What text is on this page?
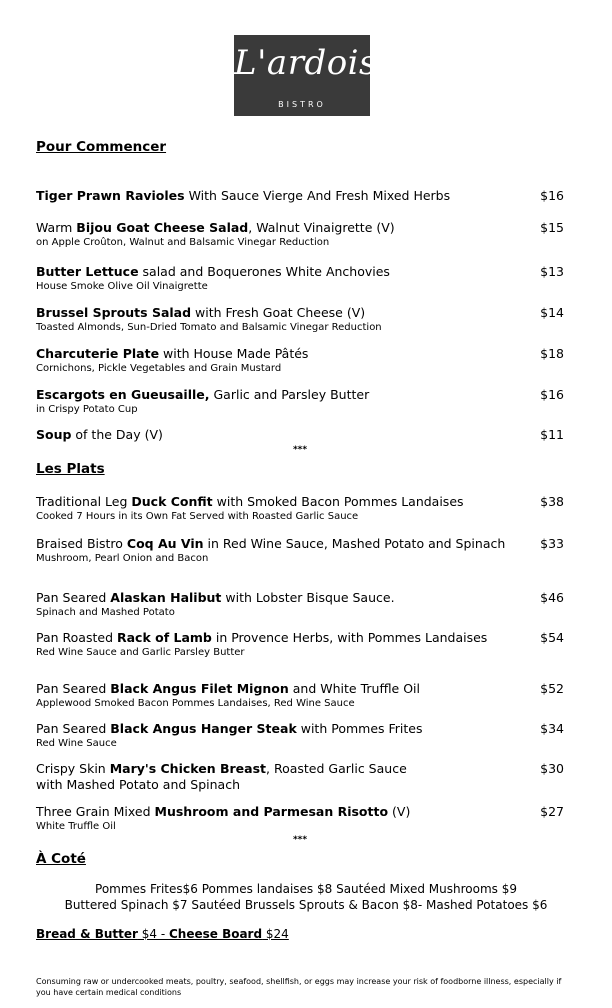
L'ardoise
BISTRO
Pour Commencer
Tiger Prawn Ravioles With Sauce Vierge And Fresh Mixed Herbs	$16
Warm Bijou Goat Cheese Salad, Walnut Vinaigrette (V)
on Apple Croûton, Walnut and Balsamic Vinegar Reduction
$15
Butter Lettuce salad and Boquerones White Anchovies
House Smoke Olive Oil Vinaigrette
$13
Brussel Sprouts Salad with Fresh Goat Cheese (V)
Toasted Almonds, Sun-Dried Tomato and Balsamic Vinegar Reduction
$14
Charcuterie Plate with House Made Pâtés
Cornichons, Pickle Vegetables and Grain Mustard
$18
Escargots en Gueusaille, Garlic and Parsley Butter
in Crispy Potato Cup
$16
Soup of the Day (V)	$11
***
Les Plats
Traditional Leg Duck Confit with Smoked Bacon Pommes Landaises
Cooked 7 Hours in its Own Fat Served with Roasted Garlic Sauce
$38
Braised Bistro Coq Au Vin in Red Wine Sauce, Mashed Potato and Spinach
Mushroom, Pearl Onion and Bacon
$33
Pan Seared Alaskan Halibut with Lobster Bisque Sauce.
Spinach and Mashed Potato
$46
Pan Roasted Rack of Lamb in Provence Herbs, with Pommes Landaises
Red Wine Sauce and Garlic Parsley Butter
$54
Pan Seared Black Angus Filet Mignon and White Truffle Oil
Applewood Smoked Bacon Pommes Landaises, Red Wine Sauce
$52
Pan Seared Black Angus Hanger Steak with Pommes Frites
Red Wine Sauce
$34
Crispy Skin Mary's Chicken Breast, Roasted Garlic Sauce
with Mashed Potato and Spinach
$30
Three Grain Mixed Mushroom and Parmesan Risotto (V)
White Truffle Oil
$27
***
À Coté
Pommes Frites$6 Pommes landaises $8 Sautéed Mixed Mushrooms $9
Buttered Spinach $7 Sautéed Brussels Sprouts & Bacon $8- Mashed Potatoes $6
Bread & Butter $4 - Cheese Board $24
Consuming raw or undercooked meats, poultry, seafood, shellfish, or eggs may increase your risk of foodborne illness, especially if you have certain medical conditions
